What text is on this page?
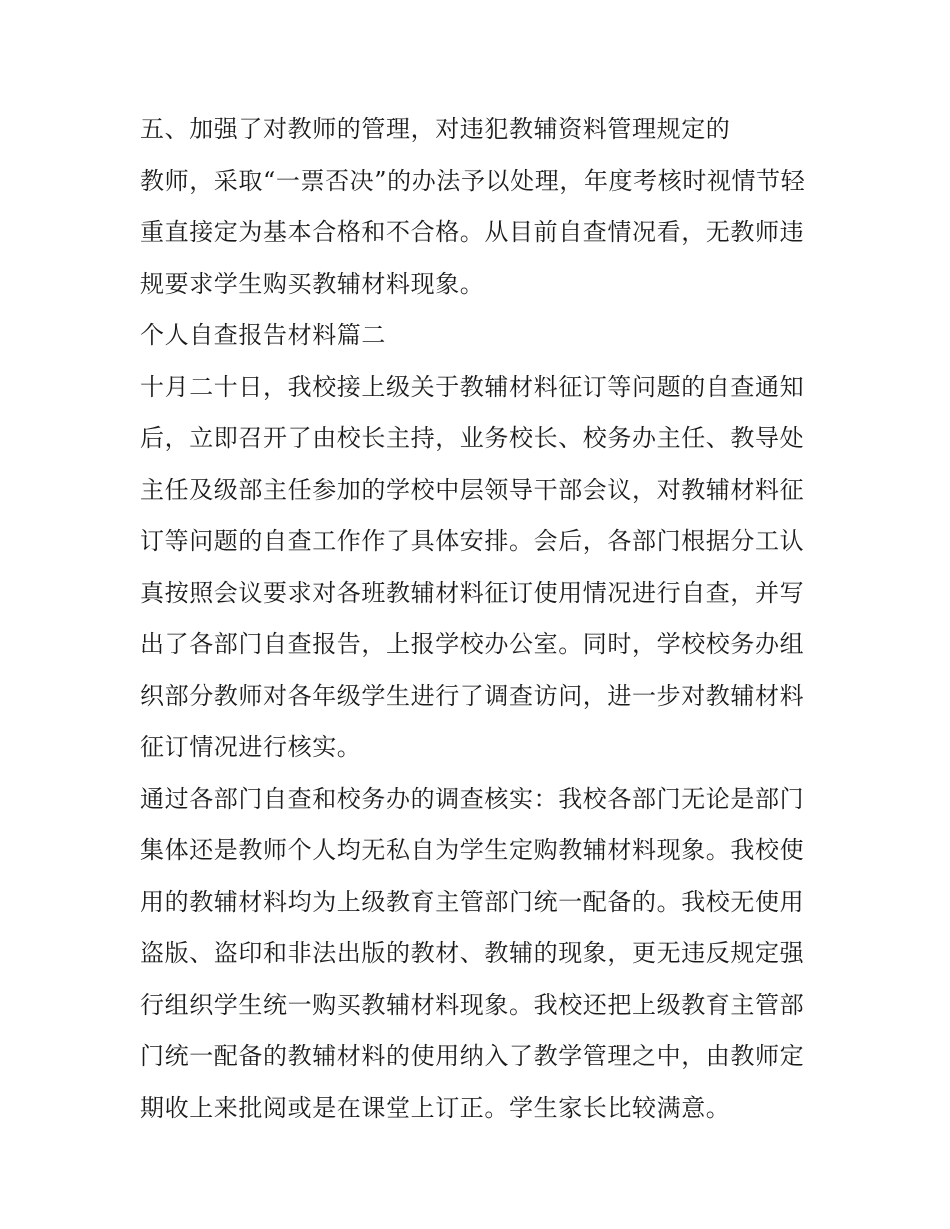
五、加强了对教师的管理，对违犯教辅资料管理规定的
教师，采取“一票否决”的办法予以处理，年度考核时视情节轻
重直接定为基本合格和不合格。从目前自查情况看，无教师违
规要求学生购买教辅材料现象。
个人自查报告材料篇二
十月二十日，我校接上级关于教辅材料征订等问题的自查通知
后，立即召开了由校长主持，业务校长、校务办主任、教导处
主任及级部主任参加的学校中层领导干部会议，对教辅材料征
订等问题的自查工作作了具体安排。会后，各部门根据分工认
真按照会议要求对各班教辅材料征订使用情况进行自查，并写
出了各部门自查报告，上报学校办公室。同时，学校校务办组
织部分教师对各年级学生进行了调查访问，进一步对教辅材料
征订情况进行核实。
通过各部门自查和校务办的调查核实：我校各部门无论是部门
集体还是教师个人均无私自为学生定购教辅材料现象。我校使
用的教辅材料均为上级教育主管部门统一配备的。我校无使用
盗版、盗印和非法出版的教材、教辅的现象，更无违反规定强
行组织学生统一购买教辅材料现象。我校还把上级教育主管部
门统一配备的教辅材料的使用纳入了教学管理之中，由教师定
期收上来批阅或是在课堂上订正。学生家长比较满意。
